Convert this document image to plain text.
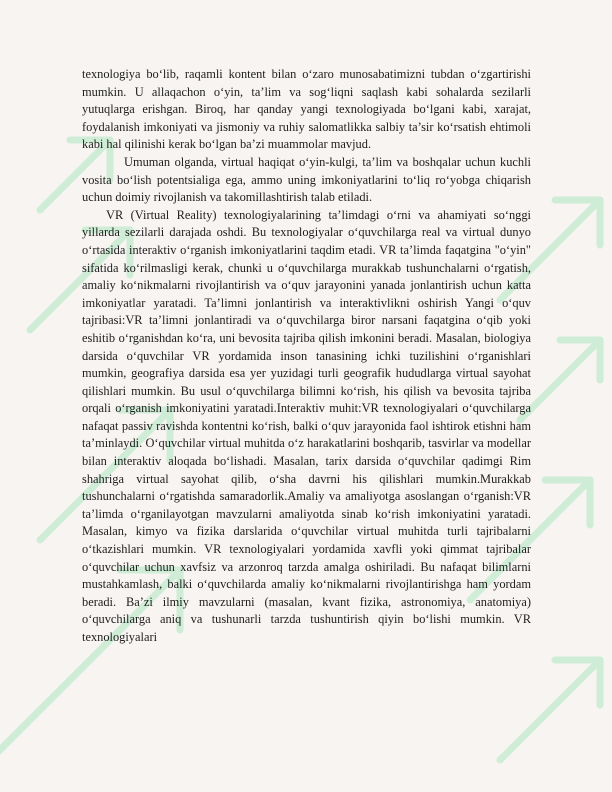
texnologiya bo‘lib, raqamli kontent bilan o‘zaro munosabatimizni tubdan o‘zgartirishi mumkin. U allaqachon o‘yin, ta’lim va sog‘liqni saqlash kabi sohalarda sezilarli yutuqlarga erishgan. Biroq, har qanday yangi texnologiyada bo‘lgani kabi, xarajat, foydalanish imkoniyati va jismoniy va ruhiy salomatlikka salbiy ta’sir ko‘rsatish ehtimoli kabi hal qilinishi kerak bo‘lgan ba’zi muammolar mavjud.

Umuman olganda, virtual haqiqat o‘yin-kulgi, ta’lim va boshqalar uchun kuchli vosita bo‘lish potentsialiga ega, ammo uning imkoniyatlarini to‘liq ro‘yobga chiqarish uchun doimiy rivojlanish va takomillashtirish talab etiladi.

VR (Virtual Reality) texnologiyalarining ta’limdagi o‘rni va ahamiyati so‘nggi yillarda sezilarli darajada oshdi. Bu texnologiyalar o‘quvchilarga real va virtual dunyo o‘rtasida interaktiv o‘rganish imkoniyatlarini taqdim etadi. VR ta’limda faqatgina "o‘yin" sifatida ko‘rilmasligi kerak, chunki u o‘quvchilarga murakkab tushunchalarni o‘rgatish, amaliy ko‘nikmalarni rivojlantirish va o‘quv jarayonini yanada jonlantirish uchun katta imkoniyatlar yaratadi. Ta’limni jonlantirish va interaktivlikni oshirish Yangi o‘quv tajribasi:VR ta’limni jonlantiradi va o‘quvchilarga biror narsani faqatgina o‘qib yoki eshitib o‘rganishdan ko‘ra, uni bevosita tajriba qilish imkonini beradi. Masalan, biologiya darsida o‘quvchilar VR yordamida inson tanasining ichki tuzilishini o‘rganishlari mumkin, geografiya darsida esa yer yuzidagi turli geografik hududlarga virtual sayohat qilishlari mumkin. Bu usul o‘quvchilarga bilimni ko‘rish, his qilish va bevosita tajriba orqali o‘rganish imkoniyatini yaratadi.Interaktiv muhit:VR texnologiyalari o‘quvchilarga nafaqat passiv ravishda kontentni ko‘rish, balki o‘quv jarayonida faol ishtirok etishni ham ta’minlaydi. O‘quvchilar virtual muhitda o‘z harakatlarini boshqarib, tasvirlar va modellar bilan interaktiv aloqada bo‘lishadi. Masalan, tarix darsida o‘quvchilar qadimgi Rim shahriga virtual sayohat qilib, o‘sha davrni his qilishlari mumkin.Murakkab tushunchalarni o‘rgatishda samaradorlik.Amaliy va amaliyotga asoslangan o‘rganish:VR ta’limda o‘rganilayotgan mavzularni amaliyotda sinab ko‘rish imkoniyatini yaratadi. Masalan, kimyo va fizika darslarida o‘quvchilar virtual muhitda turli tajribalarni o‘tkazishlari mumkin. VR texnologiyalari yordamida xavfli yoki qimmat tajribalar o‘quvchilar uchun xavfsiz va arzonroq tarzda amalga oshiriladi. Bu nafaqat bilimlarni mustahkamlash, balki o‘quvchilarda amaliy ko‘nikmalarni rivojlantirishga ham yordam beradi. Ba’zi ilmiy mavzularni (masalan, kvant fizika, astronomiya, anatomiya) o‘quvchilarga aniq va tushunarli tarzda tushuntirish qiyin bo‘lishi mumkin. VR texnologiyalari
